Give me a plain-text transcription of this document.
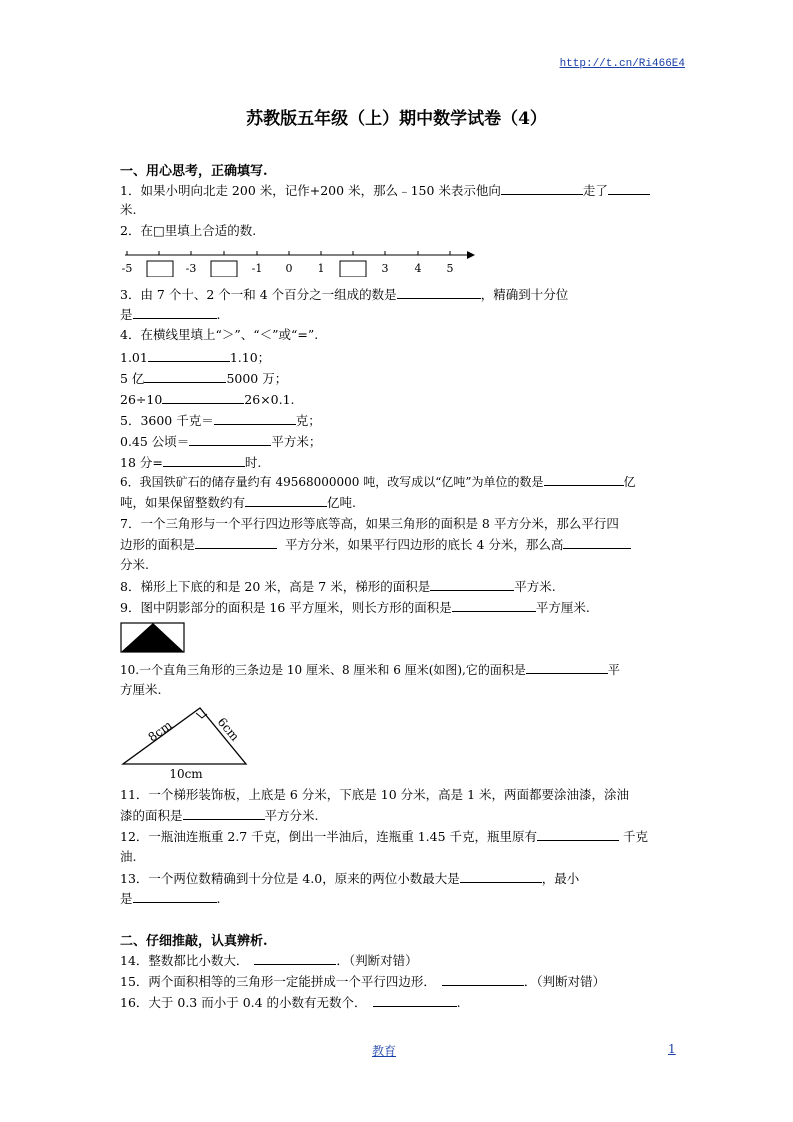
http://t.cn/Ri466E4
苏教版五年级（上）期中数学试卷（4）
一、用心思考，正确填写.
1．如果小明向北走 200 米，记作+200 米，那么﹣150 米表示他向	走了
米.
2．在□里填上合适的数.
-5	-3	-1 0 1	3 4 5
3．由 7 个十、2 个一和 4 个百分之一组成的数是	，精确到十分位
是	.
4．在横线里填上“＞”、“＜”或“=”.
1.01	1.10；
5 亿	5000 万；
26÷10	26×0.1.
5．3600 千克＝	克；
0.45 公顷＝	平方米；
18 分=	时.
6．我国铁矿石的储存量约有 49568000000 吨，改写成以“亿吨”为单位的数是	亿
吨，如果保留整数约有	亿吨.
7．一个三角形与一个平行四边形等底等高，如果三角形的面积是 8 平方分米，那么平行四
边形的面积是	平方分米，如果平行四边形的底长 4 分米，那么高
分米.
8．梯形上下底的和是 20 米，高是 7 米，梯形的面积是	平方米.
9．图中阴影部分的面积是 16 平方厘米，则长方形的面积是	平方厘米.
10.一个直角三角形的三条边是 10 厘米、8 厘米和 6 厘米(如图),它的面积是	平
方厘米.
8cm	6cm
10cm
11．一个梯形装饰板，上底是 6 分米，下底是 10 分米，高是 1 米，两面都要涂油漆，涂油
漆的面积是	平方分米.
12．一瓶油连瓶重 2.7 千克，倒出一半油后，连瓶重 1.45 千克，瓶里原有	千克
油.
13．一个两位数精确到十分位是 4.0，原来的两位小数最大是	，最小
是	.
二、仔细推敲，认真辨析.
14．整数都比小数大．	．（判断对错）
15．两个面积相等的三角形一定能拼成一个平行四边形．	．（判断对错）
16．大于 0.3 而小于 0.4 的小数有无数个．	.
教育	1
